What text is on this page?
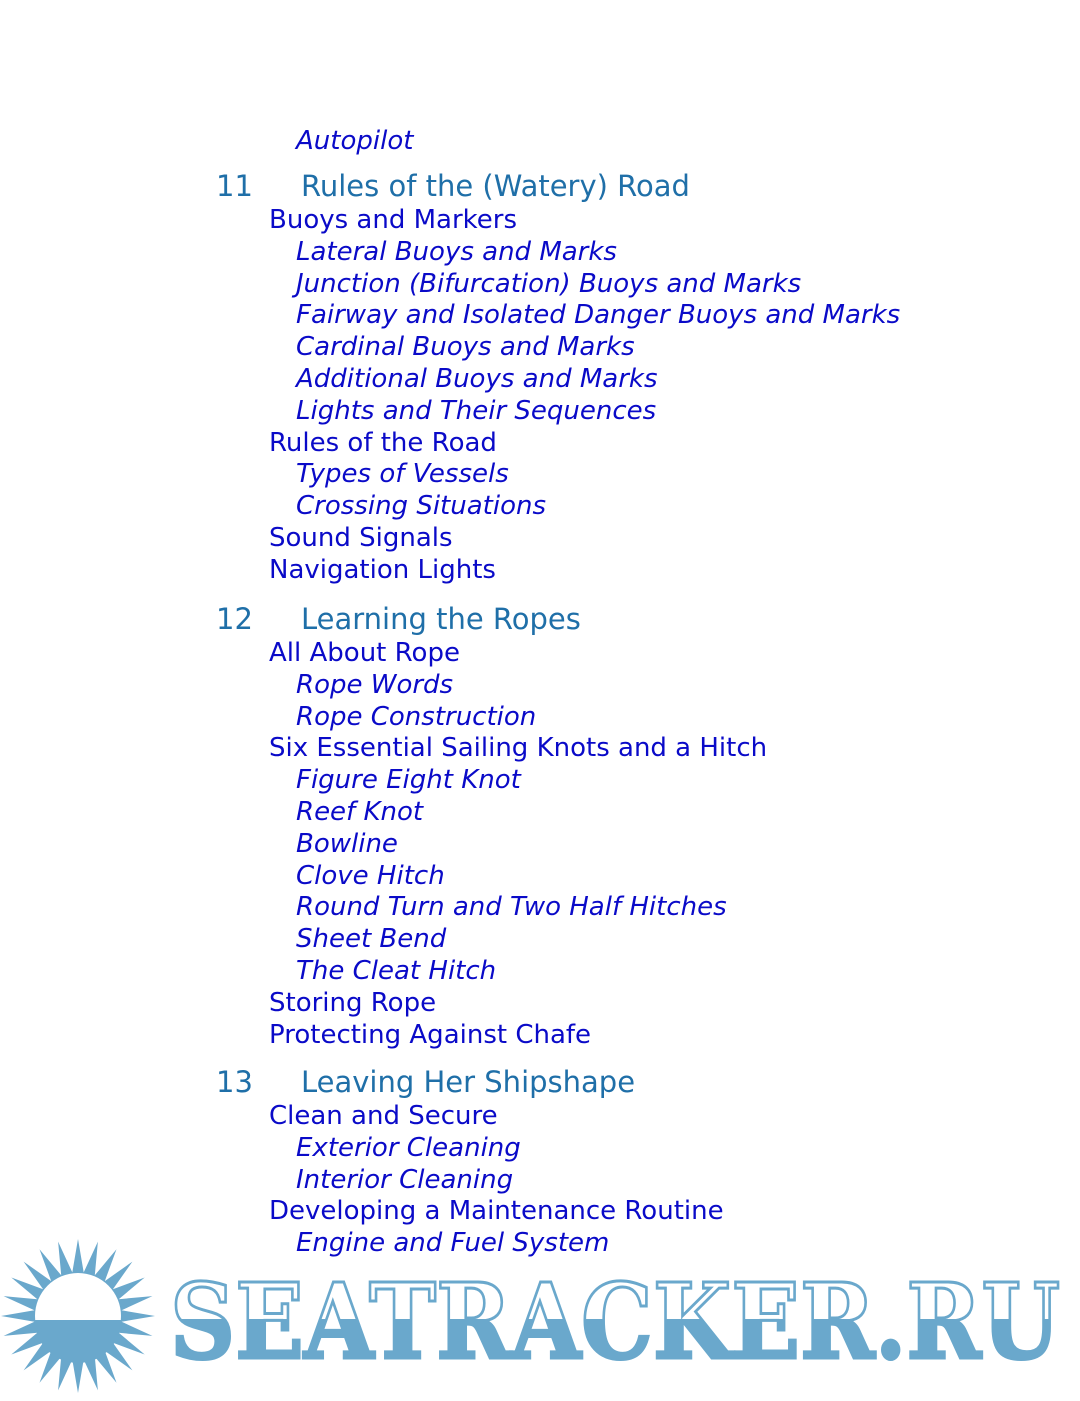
Autopilot
11 Rules of the (Watery) Road
Buoys and Markers
Lateral Buoys and Marks
Junction (Bifurcation) Buoys and Marks
Fairway and Isolated Danger Buoys and Marks
Cardinal Buoys and Marks
Additional Buoys and Marks
Lights and Their Sequences
Rules of the Road
Types of Vessels
Crossing Situations
Sound Signals
Navigation Lights
12 Learning the Ropes
All About Rope
Rope Words
Rope Construction
Six Essential Sailing Knots and a Hitch
Figure Eight Knot
Reef Knot
Bowline
Clove Hitch
Round Turn and Two Half Hitches
Sheet Bend
The Cleat Hitch
Storing Rope
Protecting Against Chafe
13 Leaving Her Shipshape
Clean and Secure
Exterior Cleaning
Interior Cleaning
Developing a Maintenance Routine
Engine and Fuel System
SEATRACKER.RU
